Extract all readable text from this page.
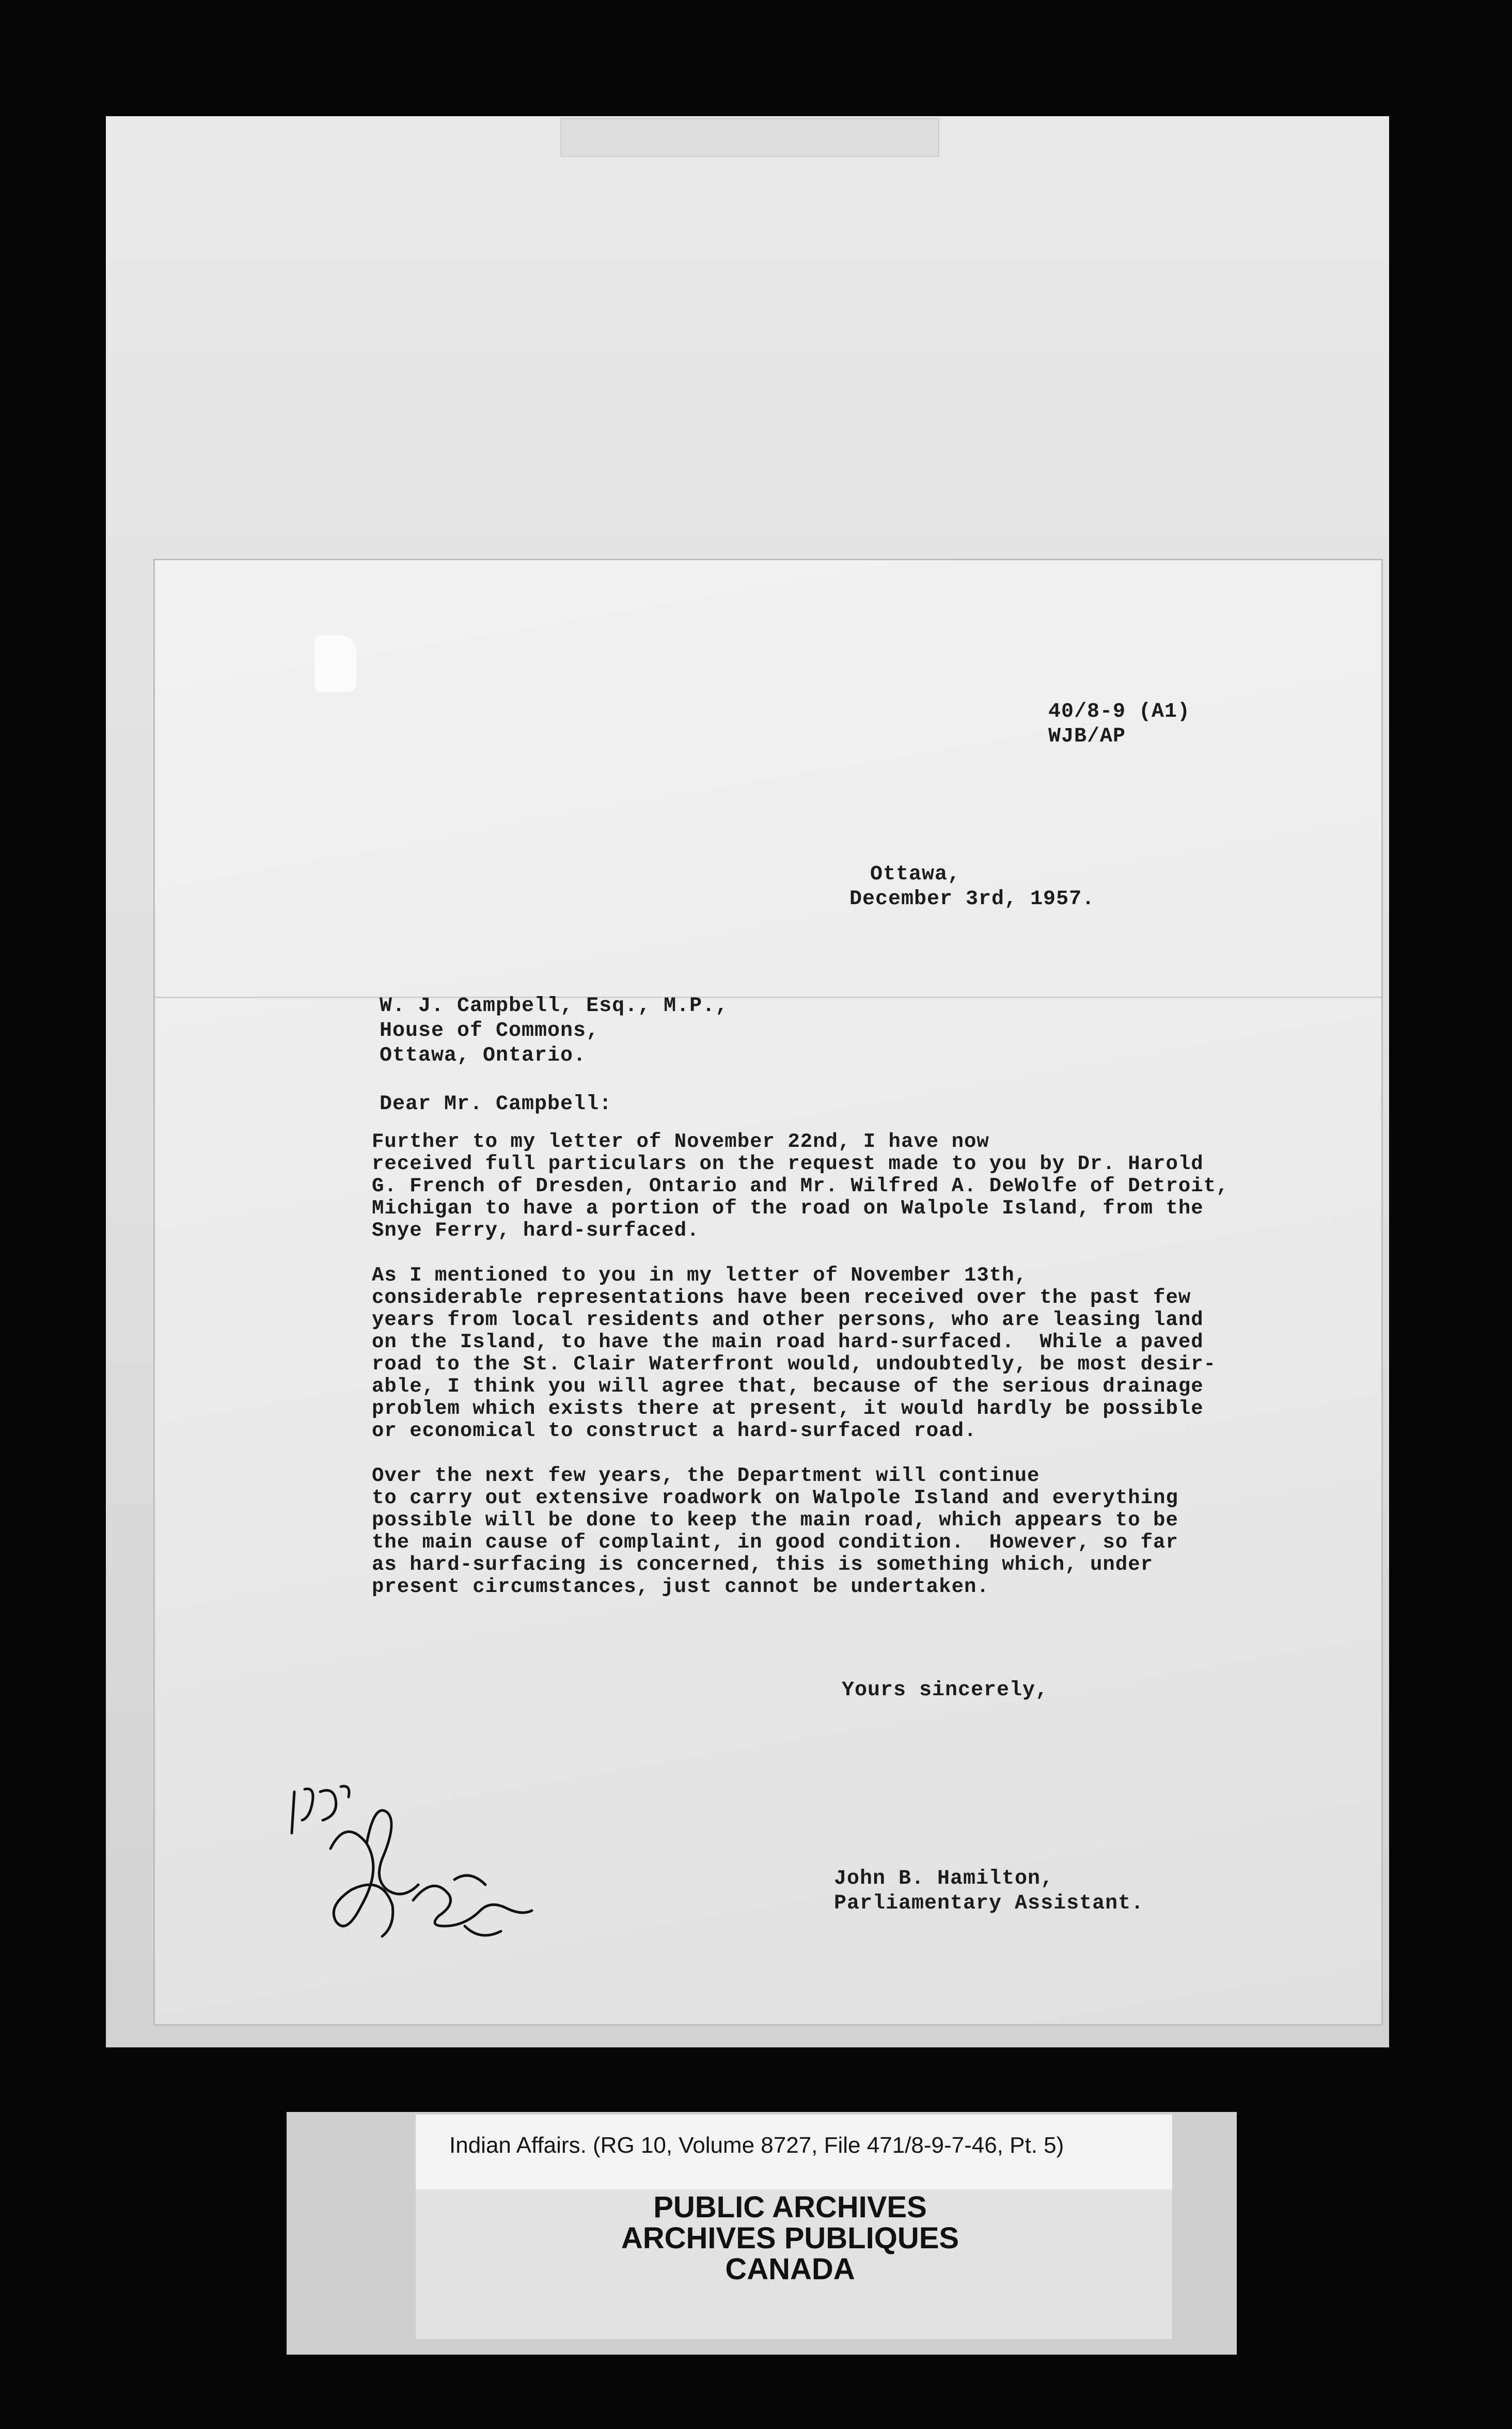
40/8-9 (A1)
WJB/AP
Ottawa,
December 3rd, 1957.
W. J. Campbell, Esq., M.P.,
House of Commons,
Ottawa, Ontario.
Dear Mr. Campbell:

Further to my letter of November 22nd, I have now
received full particulars on the request made to you by Dr. Harold
G. French of Dresden, Ontario and Mr. Wilfred A. DeWolfe of Detroit,
Michigan to have a portion of the road on Walpole Island, from the
Snye Ferry, hard-surfaced.

As I mentioned to you in my letter of November 13th,
considerable representations have been received over the past few
years from local residents and other persons, who are leasing land
on the Island, to have the main road hard-surfaced.  While a paved
road to the St. Clair Waterfront would, undoubtedly, be most desir-
able, I think you will agree that, because of the serious drainage
problem which exists there at present, it would hardly be possible
or economical to construct a hard-surfaced road.

Over the next few years, the Department will continue
to carry out extensive roadwork on Walpole Island and everything
possible will be done to keep the main road, which appears to be
the main cause of complaint, in good condition.  However, so far
as hard-surfacing is concerned, this is something which, under
present circumstances, just cannot be undertaken.

Yours sincerely,
John B. Hamilton,
Parliamentary Assistant.
Indian Affairs. (RG 10, Volume 8727, File 471/8-9-7-46, Pt. 5)
PUBLIC ARCHIVES
ARCHIVES PUBLIQUES
CANADA
